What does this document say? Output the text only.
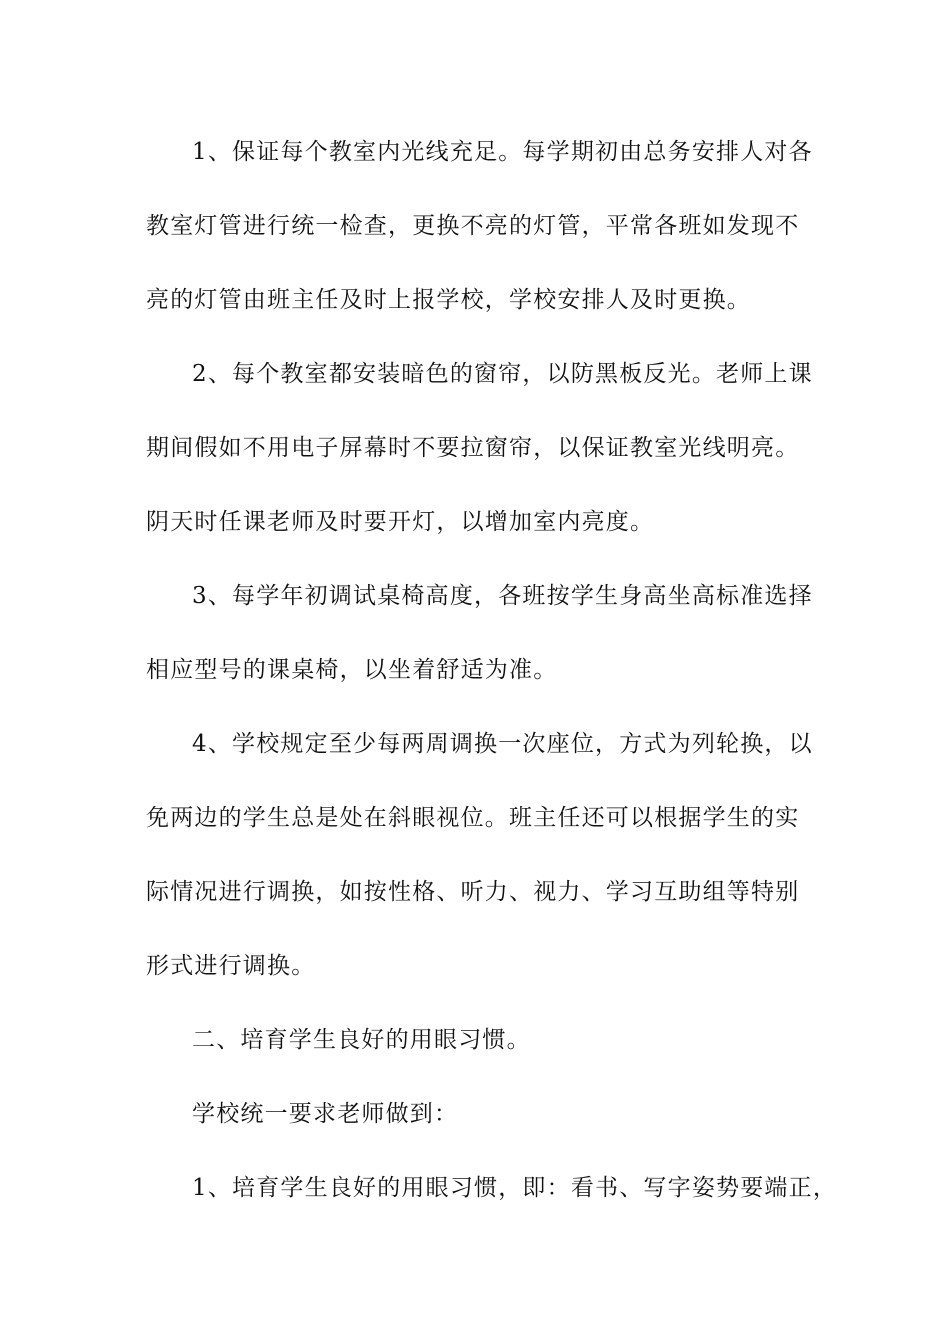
1、保证每个教室内光线充足。每学期初由总务安排人对各
教室灯管进行统一检查，更换不亮的灯管，平常各班如发现不
亮的灯管由班主任及时上报学校，学校安排人及时更换。

2、每个教室都安装暗色的窗帘，以防黑板反光。老师上课
期间假如不用电子屏幕时不要拉窗帘，以保证教室光线明亮。
阴天时任课老师及时要开灯，以增加室内亮度。

3、每学年初调试桌椅高度，各班按学生身高坐高标准选择
相应型号的课桌椅，以坐着舒适为准。

4、学校规定至少每两周调换一次座位，方式为列轮换，以
免两边的学生总是处在斜眼视位。班主任还可以根据学生的实
际情况进行调换，如按性格、听力、视力、学习互助组等特别
形式进行调换。

二、培育学生良好的用眼习惯。

学校统一要求老师做到：

1、培育学生良好的用眼习惯，即：看书、写字姿势要端正，
